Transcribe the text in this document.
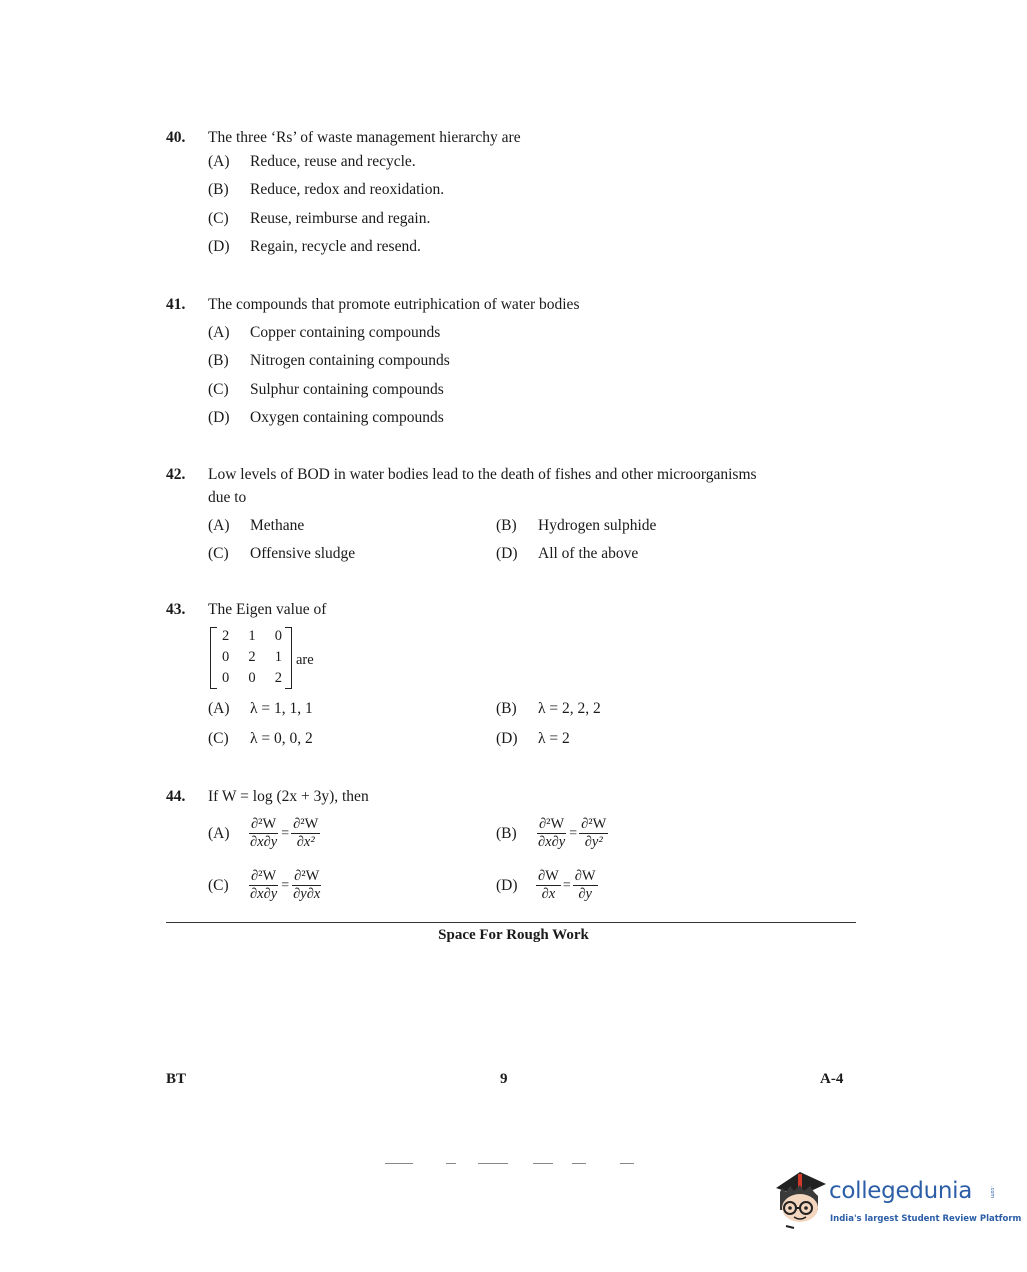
40. The three ‘Rs’ of waste management hierarchy are
(A) Reduce, reuse and recycle.
(B) Reduce, redox and reoxidation.
(C) Reuse, reimburse and regain.
(D) Regain, recycle and resend.
41. The compounds that promote eutriphication of water bodies
(A) Copper containing compounds
(B) Nitrogen containing compounds
(C) Sulphur containing compounds
(D) Oxygen containing compounds
42. Low levels of BOD in water bodies lead to the death of fishes and other microorganisms
due to
(A) Methane	(B) Hydrogen sulphide
(C) Offensive sludge	(D) All of the above
43. The Eigen value of
2 1 0
0 2 1
0 0 2
are
(A) λ = 1, 1, 1	(B) λ = 2, 2, 2
(C) λ = 0, 0, 2	(D) λ = 2
44. If W = log (2x + 3y), then
$(A) \frac{\text{∂²W}}{\partial x\partial y} = \frac{\text{∂²W}}{\text{∂x²}}$	$(B) \frac{\text{∂²W}}{\partial x\partial y} = \frac{\text{∂²W}}{\text{∂y²}}$
$(C) \frac{\text{∂²W}}{\partial x\partial y} = \frac{\text{∂²W}}{\partial y\partial x}$	$(D) \frac{\partial W}{\partial x} = \frac{\partial W}{\partial y}$
Space For Rough Work
BT	9	A-4
collegedunia	.com
India's largest Student Review Platform
